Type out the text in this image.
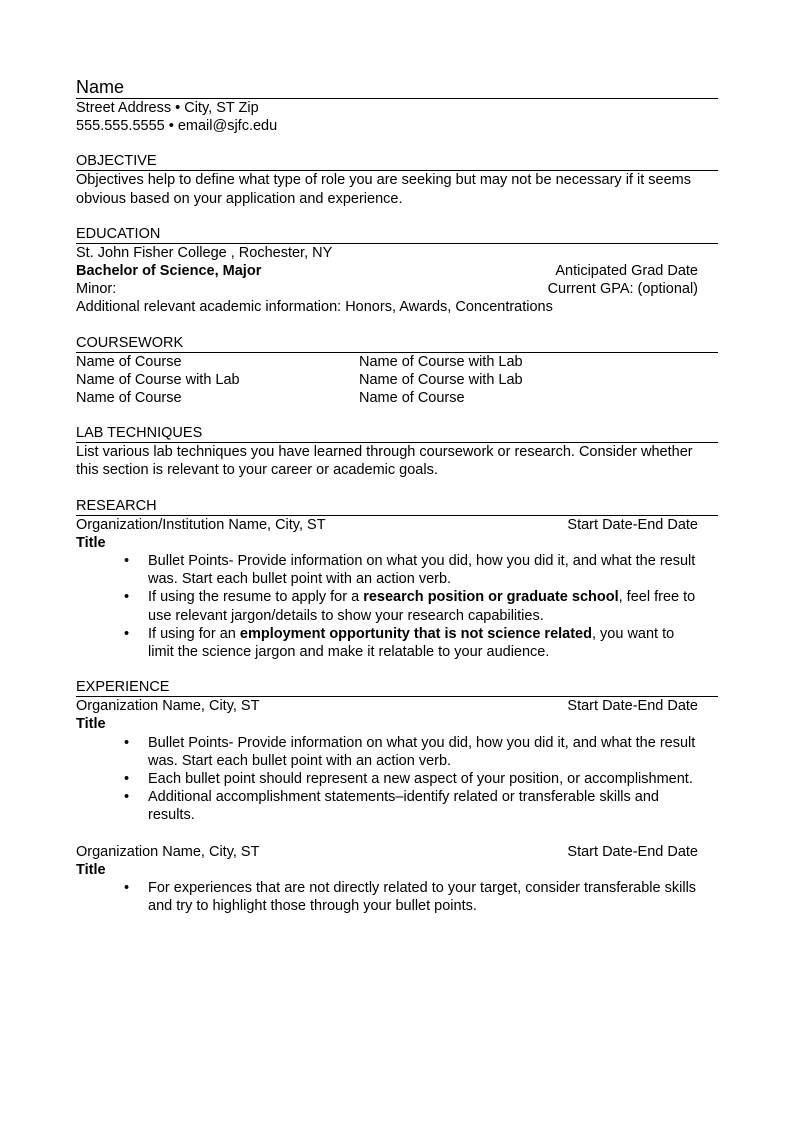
Name
Street Address • City, ST Zip
555.555.5555 • email@sjfc.edu
OBJECTIVE
Objectives help to define what type of role you are seeking but may not be necessary if it seems obvious based on your application and experience.
EDUCATION
St. John Fisher College , Rochester, NY
Bachelor of Science, Major	Anticipated Grad Date
Minor:	Current GPA: (optional)
Additional relevant academic information: Honors, Awards, Concentrations
COURSEWORK
Name of Course	Name of Course with Lab
Name of Course with Lab	Name of Course with Lab
Name of Course	Name of Course
LAB TECHNIQUES
List various lab techniques you have learned through coursework or research. Consider whether this section is relevant to your career or academic goals.
RESEARCH
Organization/Institution Name, City, ST	Start Date-End Date
Title
• Bullet Points- Provide information on what you did, how you did it, and what the result was. Start each bullet point with an action verb.
• If using the resume to apply for a research position or graduate school, feel free to use relevant jargon/details to show your research capabilities.
• If using for an employment opportunity that is not science related, you want to limit the science jargon and make it relatable to your audience.
EXPERIENCE
Organization Name, City, ST	Start Date-End Date
Title
• Bullet Points- Provide information on what you did, how you did it, and what the result was. Start each bullet point with an action verb.
• Each bullet point should represent a new aspect of your position, or accomplishment.
• Additional accomplishment statements–identify related or transferable skills and results.
Organization Name, City, ST	Start Date-End Date
Title
• For experiences that are not directly related to your target, consider transferable skills and try to highlight those through your bullet points.
